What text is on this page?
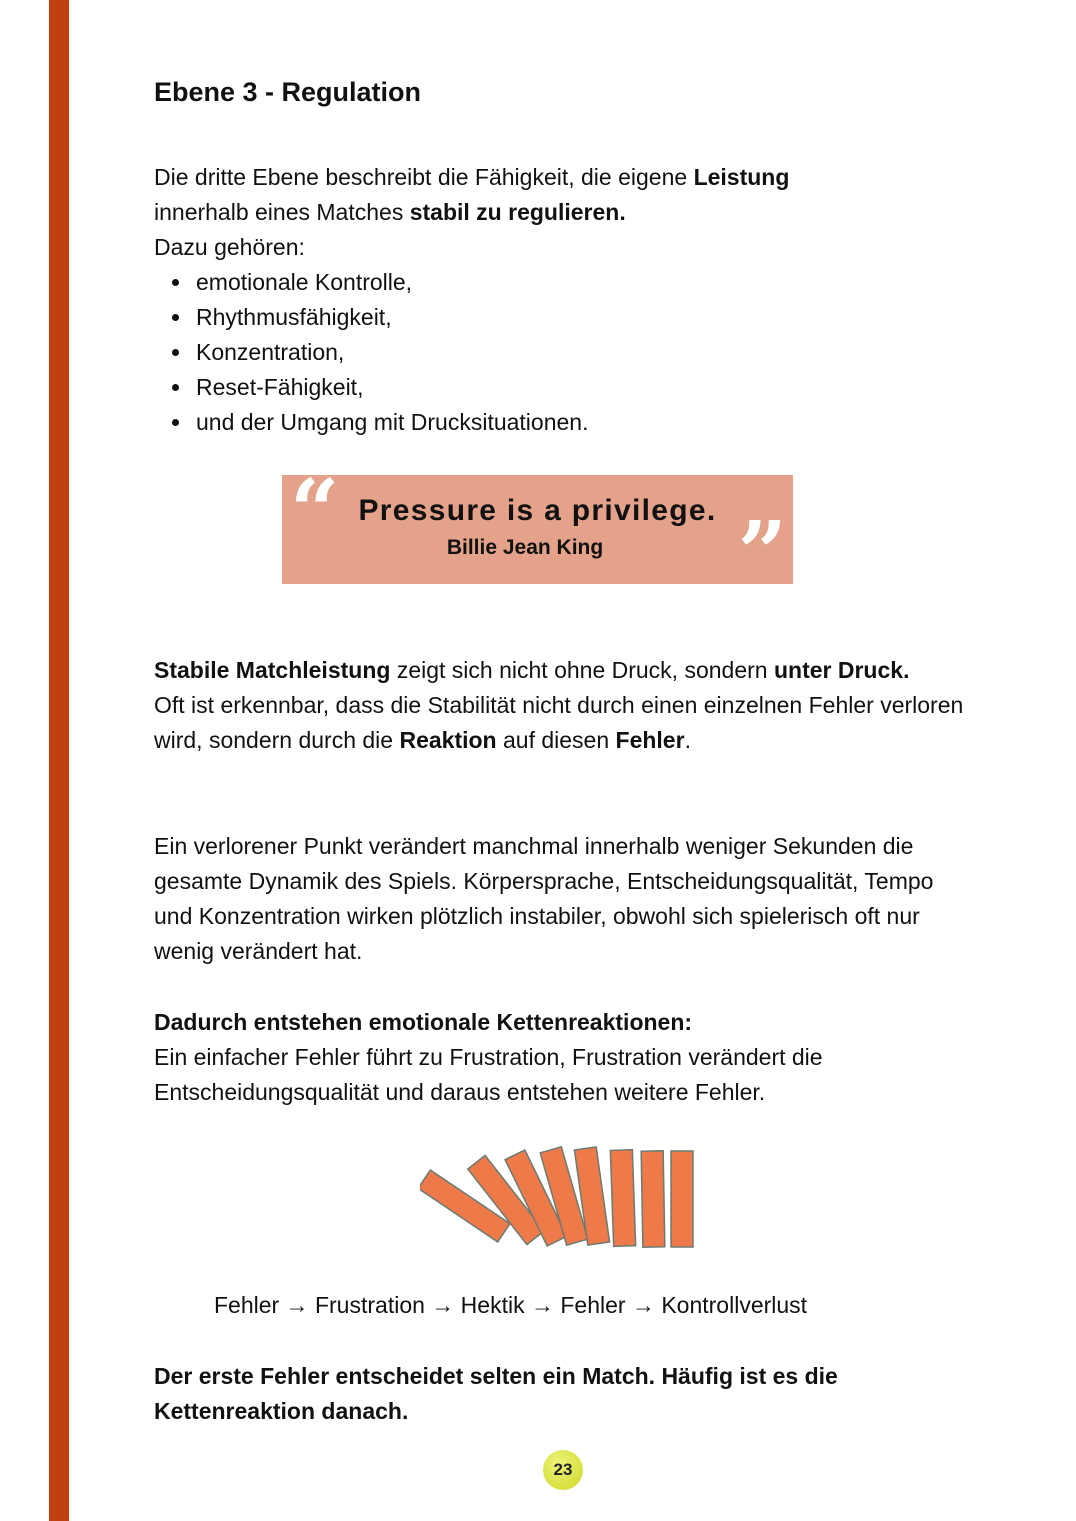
Ebene 3 - Regulation

Die dritte Ebene beschreibt die Fähigkeit, die eigene Leistung

innerhalb eines Matches stabil zu regulieren.

Dazu gehören:

emotionale Kontrolle,
Rhythmusfähigkeit,
Konzentration,
Reset-Fähigkeit,
und der Umgang mit Drucksituationen.
“ Pressure is a privilege.
Billie Jean King	”

Stabile Matchleistung zeigt sich nicht ohne Druck, sondern unter Druck.
Oft ist erkennbar, dass die Stabilität nicht durch einen einzelnen Fehler verloren wird, sondern durch die Reaktion auf diesen Fehler.

Ein verlorener Punkt verändert manchmal innerhalb weniger Sekunden die gesamte Dynamik des Spiels. Körpersprache, Entscheidungsqualität, Tempo und Konzentration wirken plötzlich instabiler, obwohl sich spielerisch oft nur wenig verändert hat.

Dadurch entstehen emotionale Kettenreaktionen:

Ein einfacher Fehler führt zu Frustration, Frustration verändert die Entscheidungsqualität und daraus entstehen weitere Fehler.

Fehler → Frustration → Hektik → Fehler → Kontrollverlust

Der erste Fehler entscheidet selten ein Match. Häufig ist es die Kettenreaktion danach.

23
